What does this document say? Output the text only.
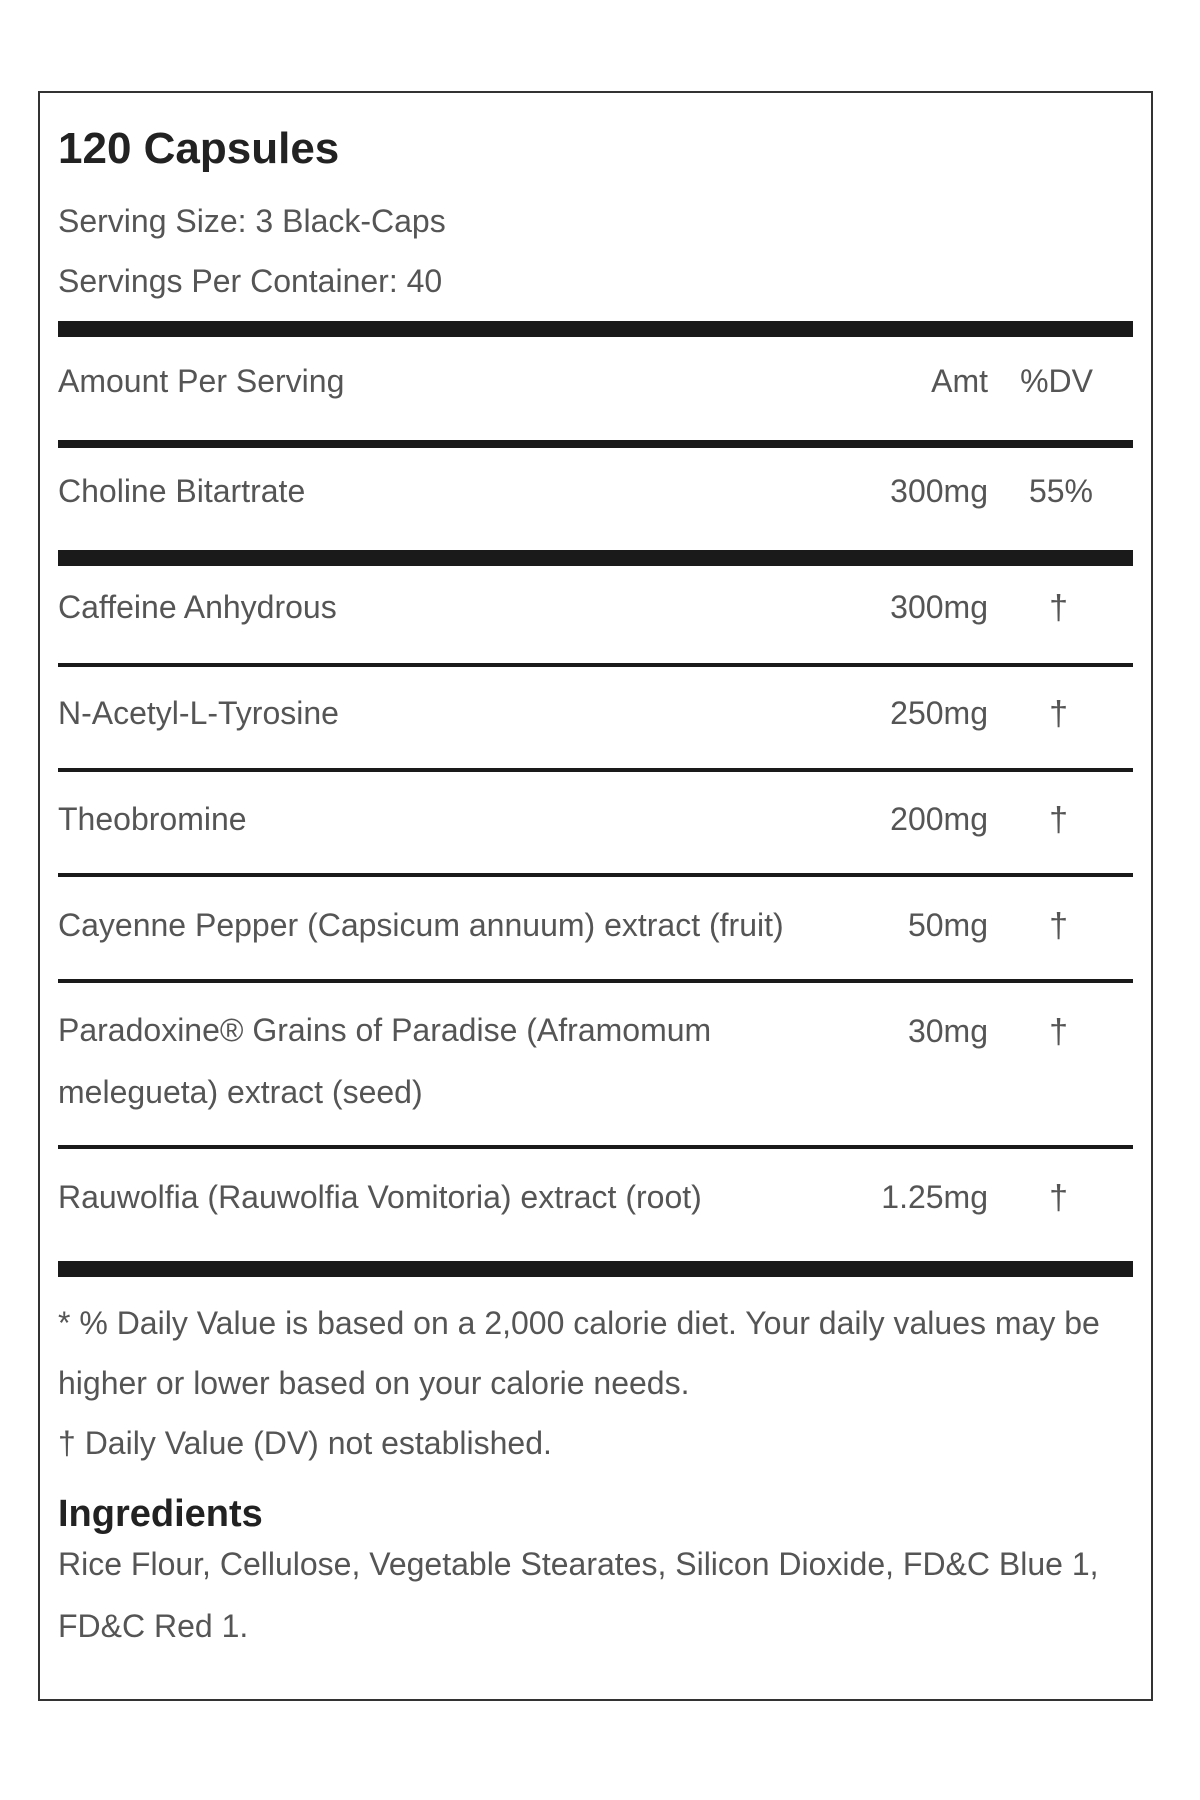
120 Capsules
Serving Size: 3 Black-Caps
Servings Per Container: 40
Amount Per Serving	Amt	%DV
Choline Bitartrate	300mg	55%
Caffeine Anhydrous	300mg †
N-Acetyl-L-Tyrosine	250mg †
Theobromine	200mg †
Cayenne Pepper (Capsicum annuum) extract (fruit)	50mg †
Paradoxine® Grains of Paradise (Aframomum melegueta) extract (seed)
30mg †
Rauwolfia (Rauwolfia Vomitoria) extract (root)	1.25mg †
* % Daily Value is based on a 2,000 calorie diet. Your daily values may be higher or lower based on your calorie needs.
† Daily Value (DV) not established.
Ingredients
Rice Flour, Cellulose, Vegetable Stearates, Silicon Dioxide, FD&C Blue 1, FD&C Red 1.
